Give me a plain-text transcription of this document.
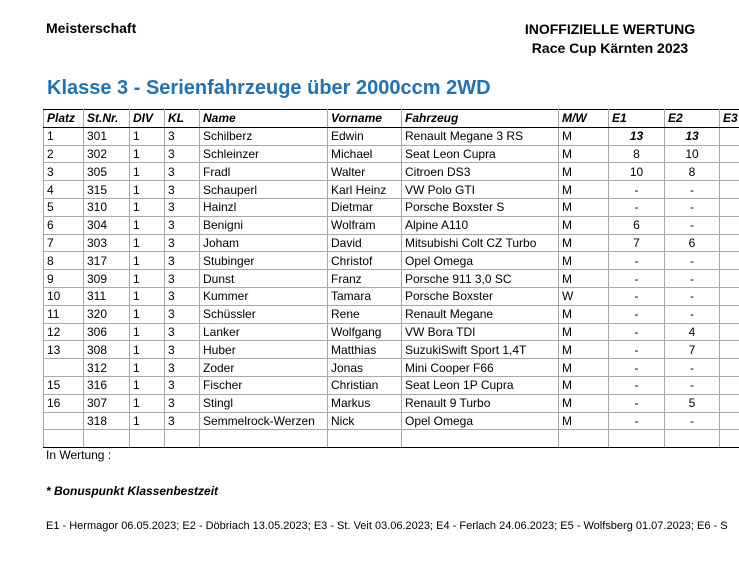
Meisterschaft	INOFFIZIELLE WERTUNG
Race Cup Kärnten 2023
Klasse 3 - Serienfahrzeuge über 2000ccm 2WD
Platz	St.Nr.	DIV	KL	Name	Vorname	Fahrzeug	M/W	E1	E2	E3
1	301	1	3	Schilberz	Edwin	Renault Megane 3 RS	M	13	13	
2	302	1	3	Schleinzer	Michael	Seat Leon Cupra	M	8	10	
3	305	1	3	Fradl	Walter	Citroen DS3	M	10	8	
4	315	1	3	Schauperl	Karl Heinz	VW Polo GTI	M	-	-	
5	310	1	3	Hainzl	Dietmar	Porsche Boxster S	M	-	-	
6	304	1	3	Benigni	Wolfram	Alpine A110	M	6	-	
7	303	1	3	Joham	David	Mitsubishi Colt CZ Turbo	M	7	6	
8	317	1	3	Stubinger	Christof	Opel Omega	M	-	-	
9	309	1	3	Dunst	Franz	Porsche 911 3,0 SC	M	-	-	
10	311	1	3	Kummer	Tamara	Porsche Boxster	W	-	-	
11	320	1	3	Schüssler	Rene	Renault Megane	M	-	-	
12	306	1	3	Lanker	Wolfgang	VW Bora TDI	M	-	4	
13	308	1	3	Huber	Matthias	SuzukiSwift Sport 1,4T	M	-	7	
	312	1	3	Zoder	Jonas	Mini Cooper F66	M	-	-	
15	316	1	3	Fischer	Christian	Seat Leon 1P Cupra	M	-	-	
16	307	1	3	Stingl	Markus	Renault 9 Turbo	M	-	5	
	318	1	3	Semmelrock-Werzen	Nick	Opel Omega	M	-	-	

In Wertung :
* Bonuspunkt Klassenbestzeit
E1 - Hermagor 06.05.2023; E2 - Döbriach 13.05.2023; E3 - St. Veit 03.06.2023; E4 - Ferlach 24.06.2023; E5 - Wolfsberg 01.07.2023; E6 - S
